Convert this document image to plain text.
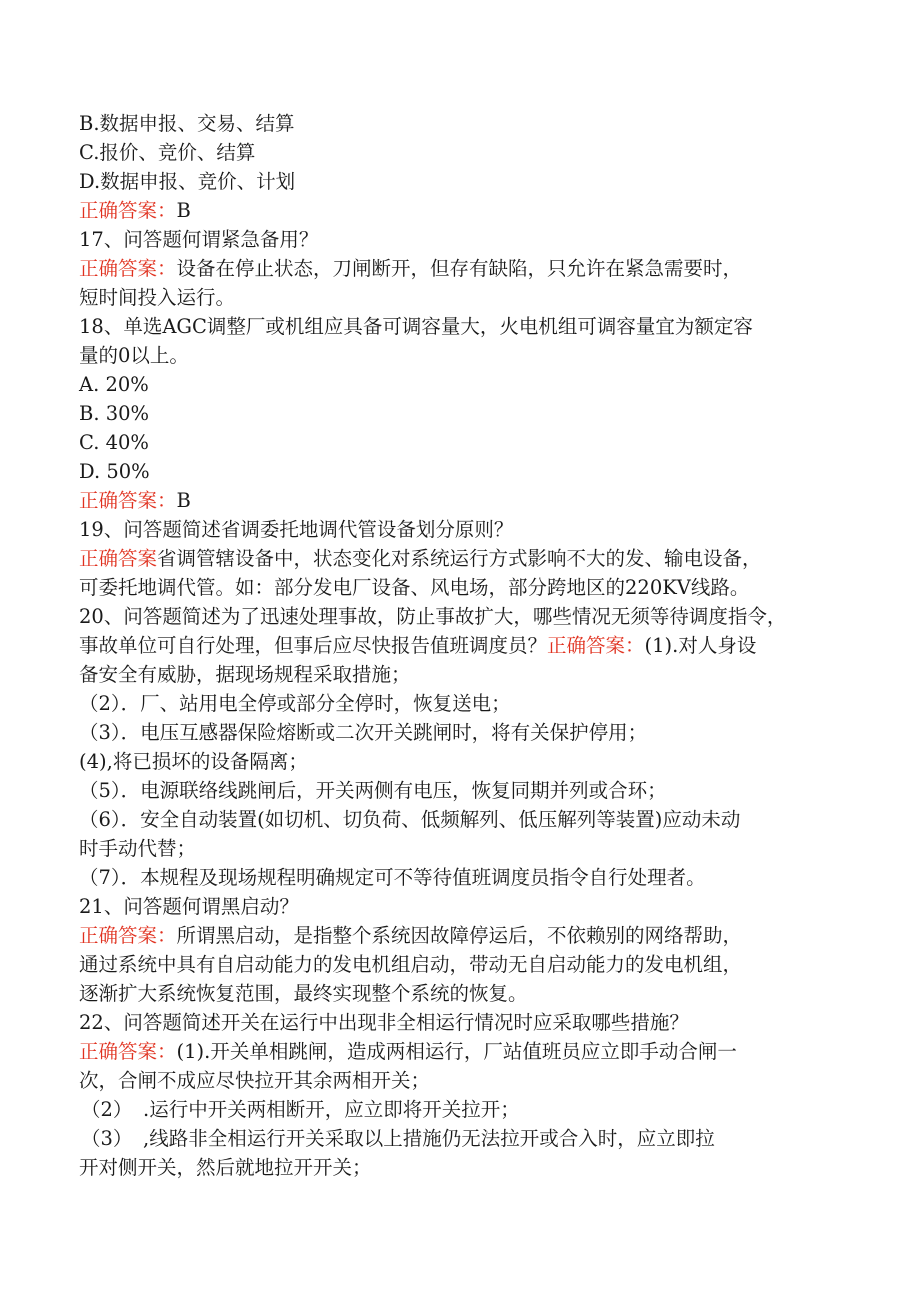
B.数据申报、交易、结算
C.报价、竞价、结算
D.数据申报、竞价、计划
正确答案：B
17、问答题何谓紧急备用？
正确答案：设备在停止状态，刀闸断开，但存有缺陷，只允许在紧急需要时，
短时间投入运行。
18、单选AGC调整厂或机组应具备可调容量大，火电机组可调容量宜为额定容
量的0以上。
A. 20%
B. 30%
C. 40%
D. 50%
正确答案：B
19、问答题简述省调委托地调代管设备划分原则？
正确答案省调管辖设备中，状态变化对系统运行方式影响不大的发、输电设备，
可委托地调代管。如：部分发电厂设备、风电场，部分跨地区的220KV线路。
20、问答题简述为了迅速处理事故，防止事故扩大，哪些情况无须等待调度指令，
事故单位可自行处理，但事后应尽快报告值班调度员？正确答案：(1).对人身设
备安全有威胁，据现场规程采取措施；
（2）．厂、站用电全停或部分全停时，恢复送电；
（3）．电压互感器保险熔断或二次开关跳闸时，将有关保护停用；
(4),将已损坏的设备隔离；
（5）．电源联络线跳闸后，开关两侧有电压，恢复同期并列或合环；
（6）．安全自动装置(如切机、切负荷、低频解列、低压解列等装置)应动未动
时手动代替；
（7）．本规程及现场规程明确规定可不等待值班调度员指令自行处理者。
21、问答题何谓黑启动？
正确答案：所谓黑启动，是指整个系统因故障停运后，不依赖别的网络帮助，
通过系统中具有自启动能力的发电机组启动，带动无自启动能力的发电机组，
逐渐扩大系统恢复范围，最终实现整个系统的恢复。
22、问答题简述开关在运行中出现非全相运行情况时应采取哪些措施？
正确答案：(1).开关单相跳闸，造成两相运行，厂站值班员应立即手动合闸一
次，合闸不成应尽快拉开其余两相开关；
（2） .运行中开关两相断开，应立即将开关拉开；
（3） ,线路非全相运行开关采取以上措施仍无法拉开或合入时，应立即拉
开对侧开关，然后就地拉开开关；
